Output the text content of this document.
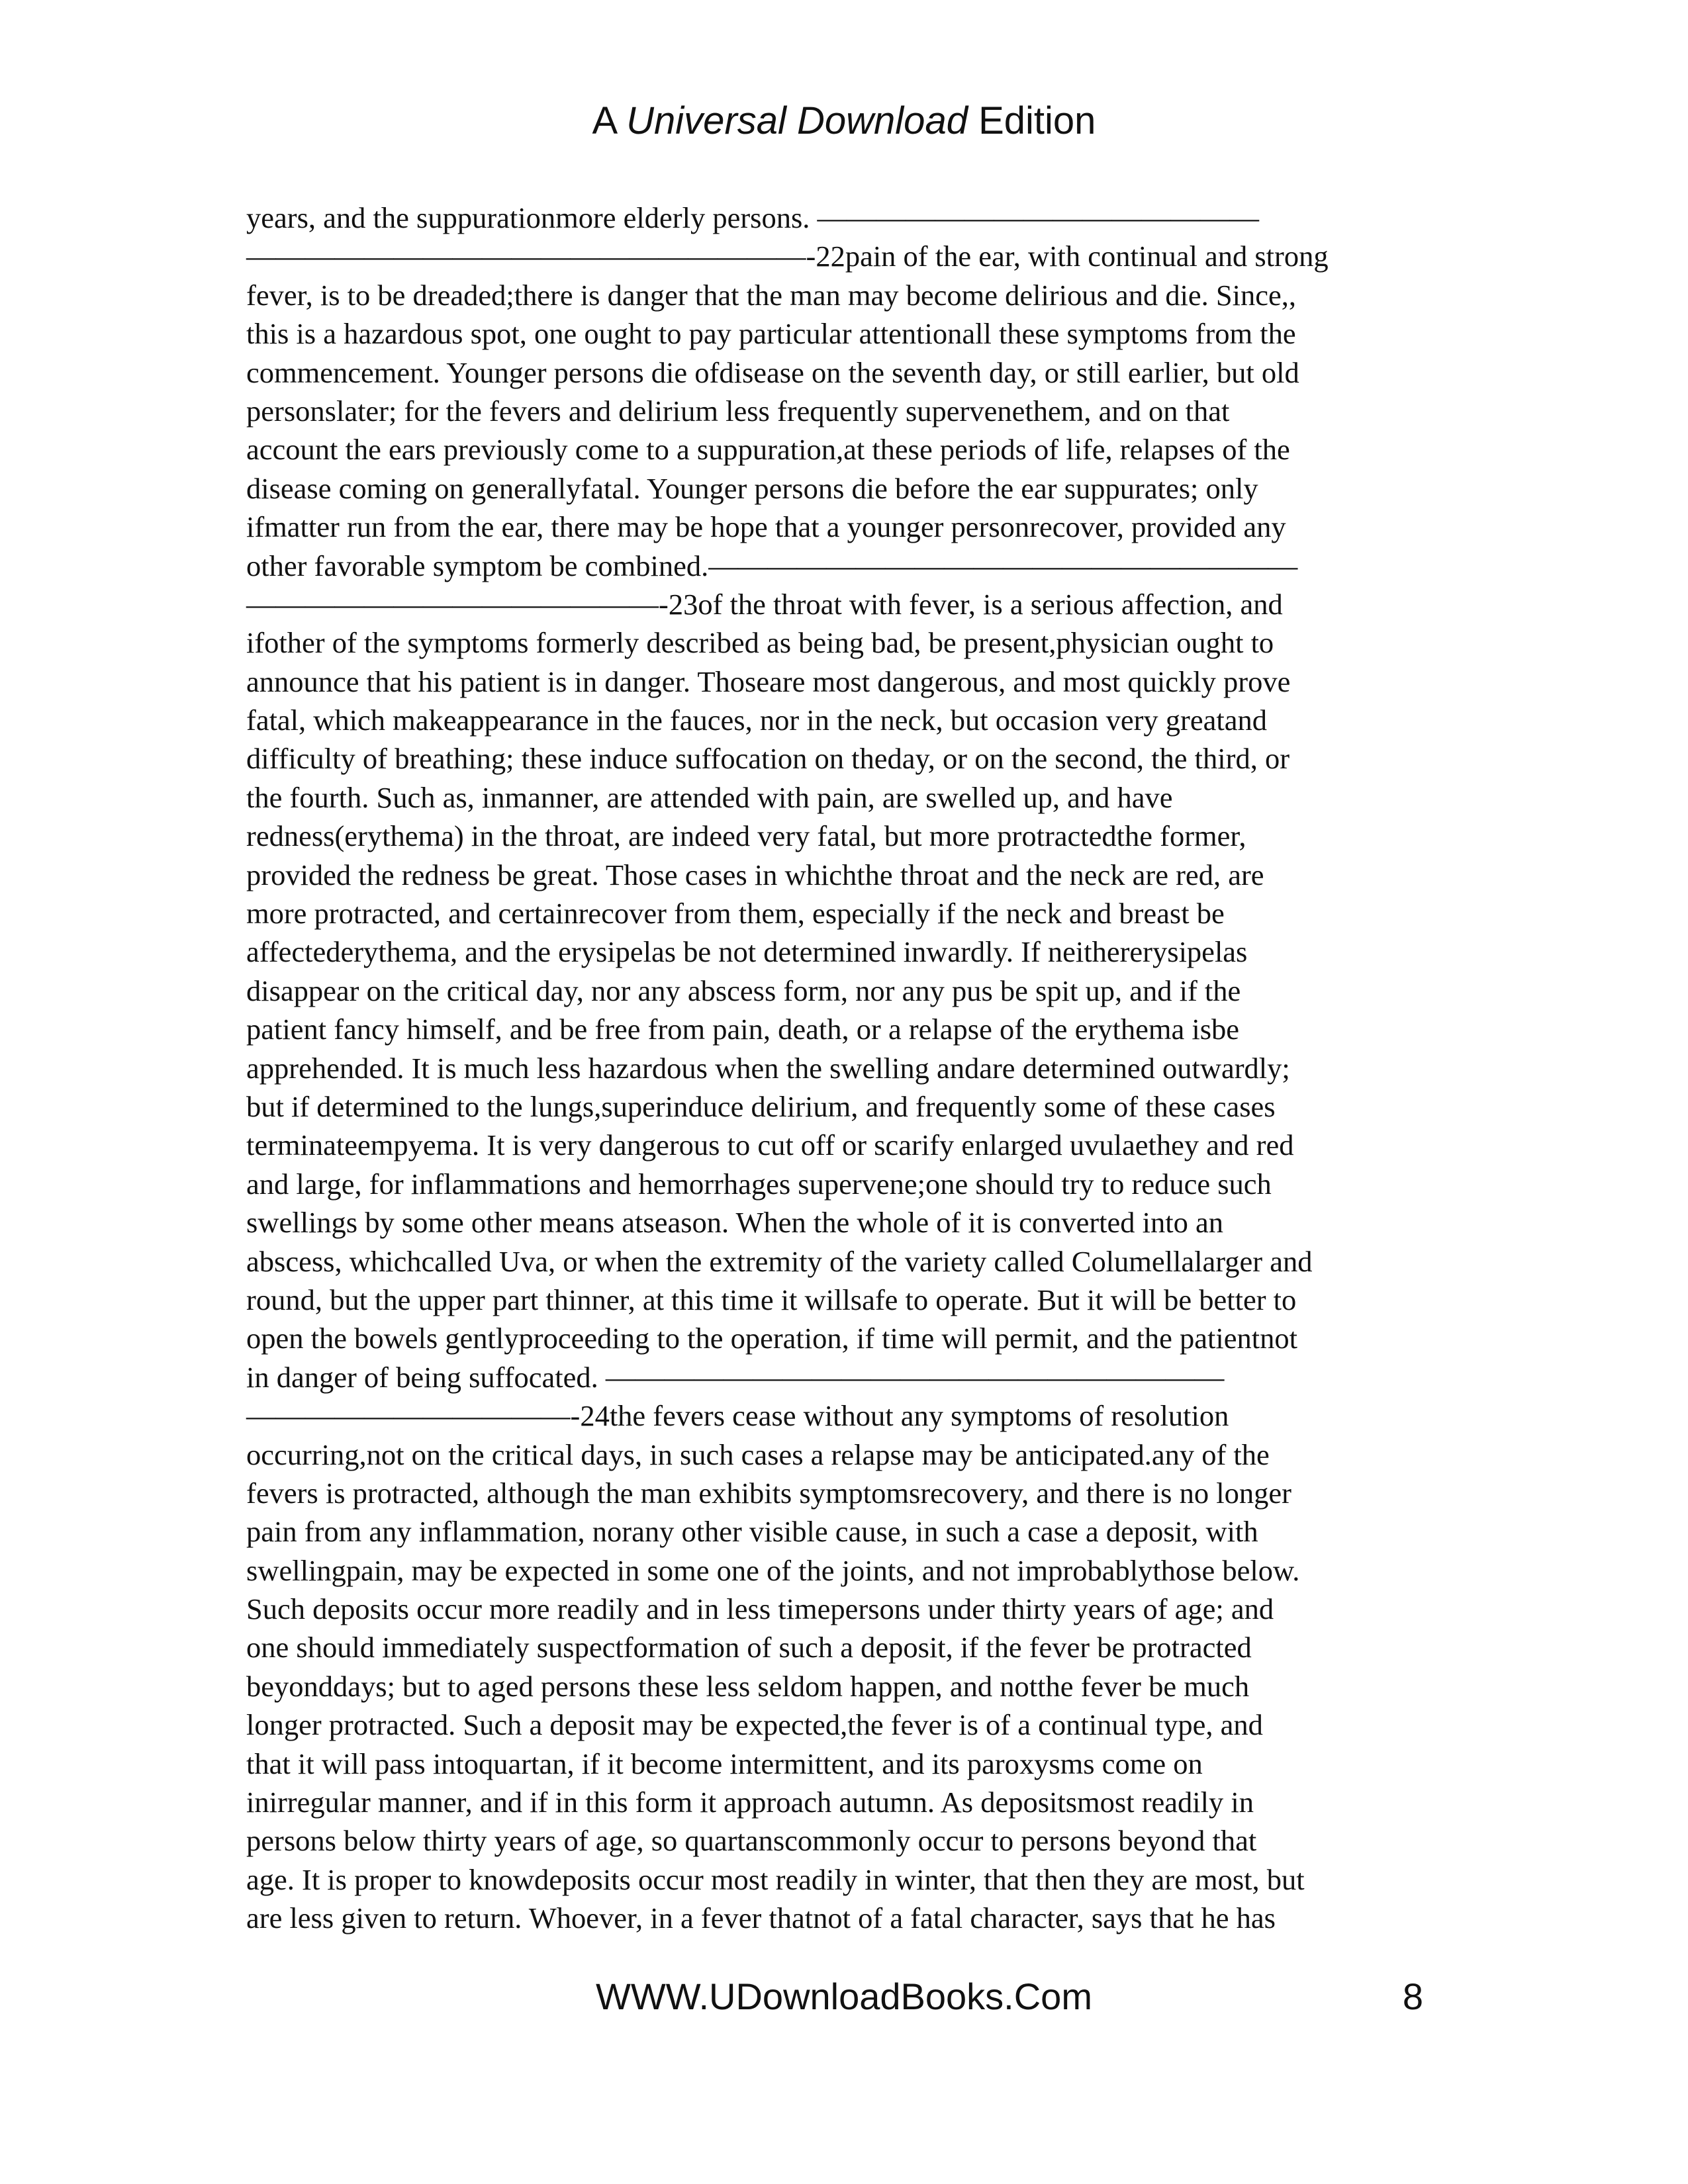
A Universal Download Edition
years, and the suppurationmore elderly persons. ———————————————
———————————————————-22pain of the ear, with continual and strong
fever, is to be dreaded;there is danger that the man may become delirious and die. Since,,
this is a hazardous spot, one ought to pay particular attentionall these symptoms from the
commencement. Younger persons die ofdisease on the seventh day, or still earlier, but old
personslater; for the fevers and delirium less frequently supervenethem, and on that
account the ears previously come to a suppuration,at these periods of life, relapses of the
disease coming on generallyfatal. Younger persons die before the ear suppurates; only
ifmatter run from the ear, there may be hope that a younger personrecover, provided any
other favorable symptom be combined.————————————————————
——————————————-23of the throat with fever, is a serious affection, and
ifother of the symptoms formerly described as being bad, be present,physician ought to
announce that his patient is in danger. Thoseare most dangerous, and most quickly prove
fatal, which makeappearance in the fauces, nor in the neck, but occasion very greatand
difficulty of breathing; these induce suffocation on theday, or on the second, the third, or
the fourth. Such as, inmanner, are attended with pain, are swelled up, and have
redness(erythema) in the throat, are indeed very fatal, but more protractedthe former,
provided the redness be great. Those cases in whichthe throat and the neck are red, are
more protracted, and certainrecover from them, especially if the neck and breast be
affectederythema, and the erysipelas be not determined inwardly. If neithererysipelas
disappear on the critical day, nor any abscess form, nor any pus be spit up, and if the
patient fancy himself, and be free from pain, death, or a relapse of the erythema isbe
apprehended. It is much less hazardous when the swelling andare determined outwardly;
but if determined to the lungs,superinduce delirium, and frequently some of these cases
terminateempyema. It is very dangerous to cut off or scarify enlarged uvulaethey and red
and large, for inflammations and hemorrhages supervene;one should try to reduce such
swellings by some other means atseason. When the whole of it is converted into an
abscess, whichcalled Uva, or when the extremity of the variety called Columellalarger and
round, but the upper part thinner, at this time it willsafe to operate. But it will be better to
open the bowels gentlyproceeding to the operation, if time will permit, and the patientnot
in danger of being suffocated. —————————————————————
———————————-24the fevers cease without any symptoms of resolution
occurring,not on the critical days, in such cases a relapse may be anticipated.any of the
fevers is protracted, although the man exhibits symptomsrecovery, and there is no longer
pain from any inflammation, norany other visible cause, in such a case a deposit, with
swellingpain, may be expected in some one of the joints, and not improbablythose below.
Such deposits occur more readily and in less timepersons under thirty years of age; and
one should immediately suspectformation of such a deposit, if the fever be protracted
beyonddays; but to aged persons these less seldom happen, and notthe fever be much
longer protracted. Such a deposit may be expected,the fever is of a continual type, and
that it will pass intoquartan, if it become intermittent, and its paroxysms come on
inirregular manner, and if in this form it approach autumn. As depositsmost readily in
persons below thirty years of age, so quartanscommonly occur to persons beyond that
age. It is proper to knowdeposits occur most readily in winter, that then they are most, but
are less given to return. Whoever, in a fever thatnot of a fatal character, says that he has
WWW.UDownloadBooks.Com	8
